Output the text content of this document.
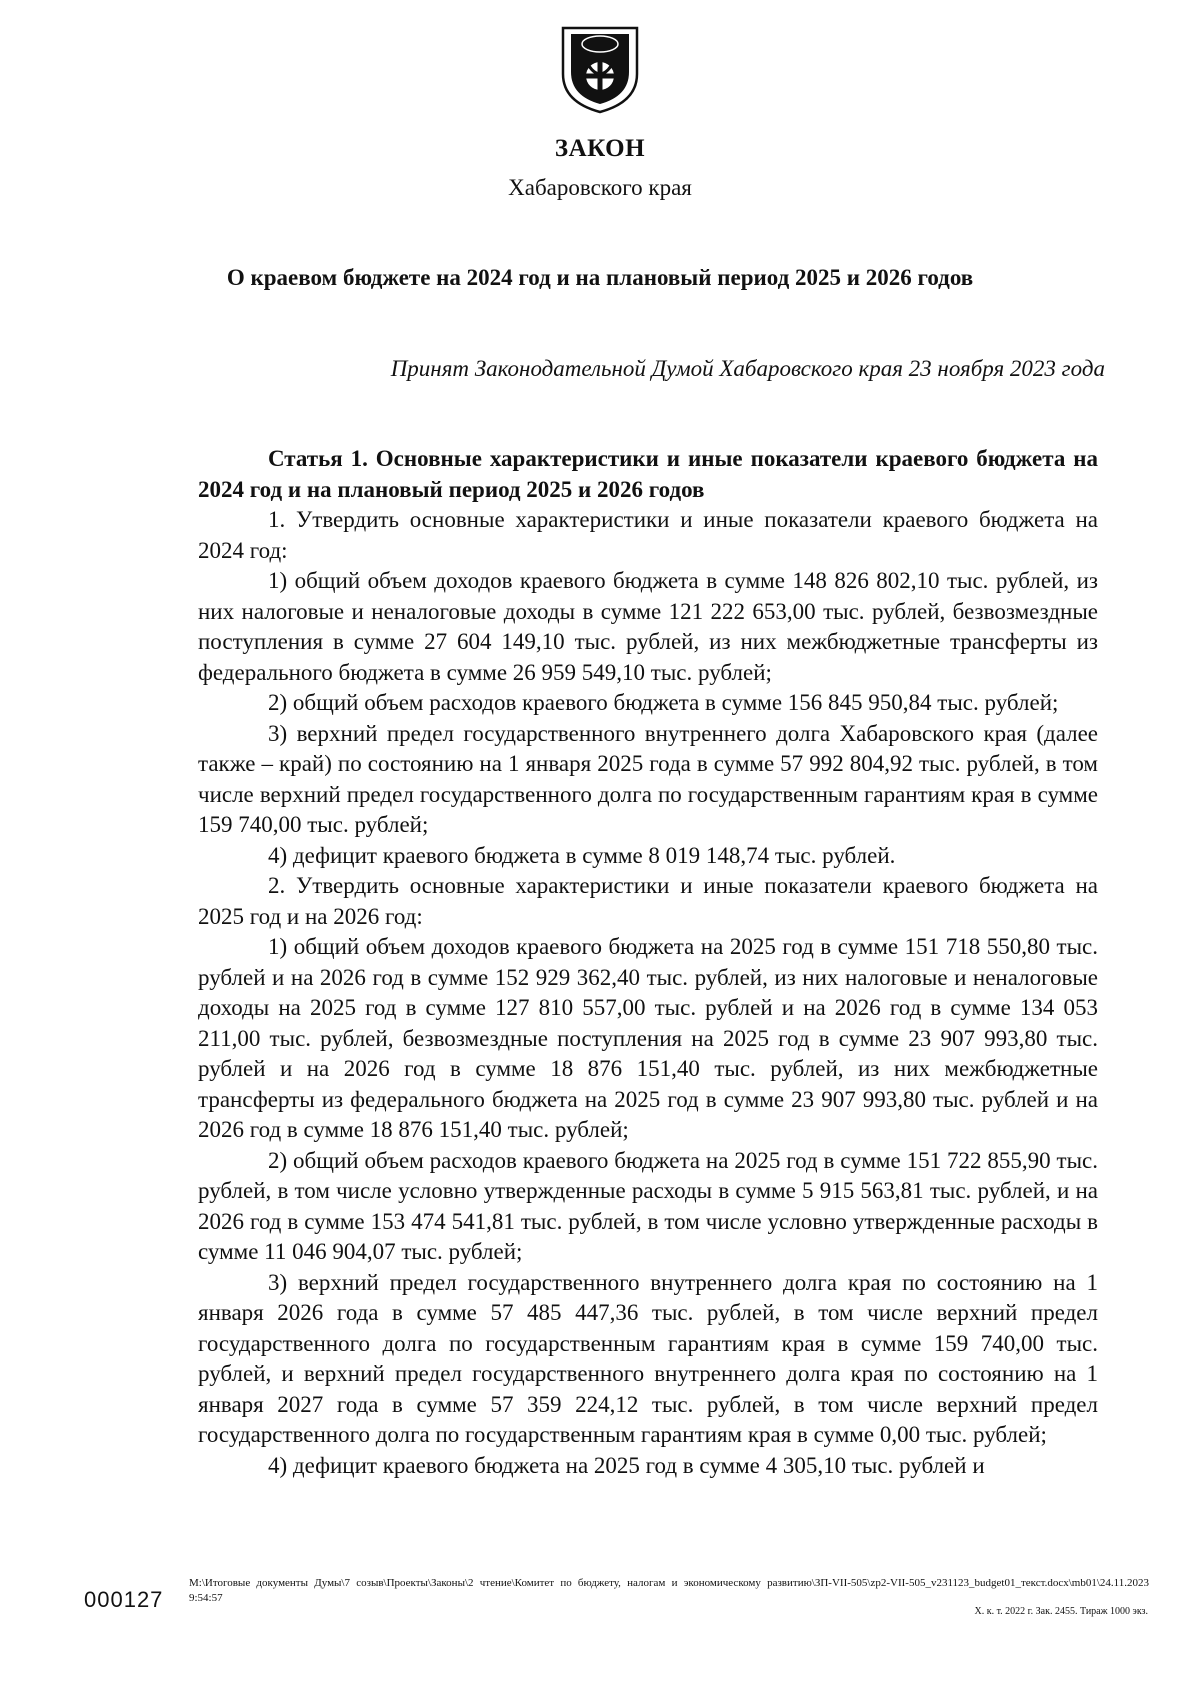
ЗАКОН
Хабаровского края
О краевом бюджете на 2024 год и на плановый период 2025 и 2026 годов
Принят Законодательной Думой Хабаровского края 23 ноября 2023 года

Статья 1. Основные характеристики и иные показатели краевого бюджета на 2024 год и на плановый период 2025 и 2026 годов

1. Утвердить основные характеристики и иные показатели краевого бюджета на 2024 год:

1) общий объем доходов краевого бюджета в сумме 148 826 802,10 тыс. рублей, из них налоговые и неналоговые доходы в сумме 121 222 653,00 тыс. рублей, безвозмездные поступления в сумме 27 604 149,10 тыс. рублей, из них межбюджетные трансферты из федерального бюджета в сумме 26 959 549,10 тыс. рублей;

2) общий объем расходов краевого бюджета в сумме 156 845 950,84 тыс. рублей;

3) верхний предел государственного внутреннего долга Хабаровского края (далее также – край) по состоянию на 1 января 2025 года в сумме 57 992 804,92 тыс. рублей, в том числе верхний предел государственного долга по государственным гарантиям края в сумме 159 740,00 тыс. рублей;

4) дефицит краевого бюджета в сумме 8 019 148,74 тыс. рублей.

2. Утвердить основные характеристики и иные показатели краевого бюджета на 2025 год и на 2026 год:

1) общий объем доходов краевого бюджета на 2025 год в сумме 151 718 550,80 тыс. рублей и на 2026 год в сумме 152 929 362,40 тыс. рублей, из них налоговые и неналоговые доходы на 2025 год в сумме 127 810 557,00 тыс. рублей и на 2026 год в сумме 134 053 211,00 тыс. рублей, безвозмездные поступления на 2025 год в сумме 23 907 993,80 тыс. рублей и на 2026 год в сумме 18 876 151,40 тыс. рублей, из них межбюджетные трансферты из федерального бюджета на 2025 год в сумме 23 907 993,80 тыс. рублей и на 2026 год в сумме 18 876 151,40 тыс. рублей;

2) общий объем расходов краевого бюджета на 2025 год в сумме 151 722 855,90 тыс. рублей, в том числе условно утвержденные расходы в сумме 5 915 563,81 тыс. рублей, и на 2026 год в сумме 153 474 541,81 тыс. рублей, в том числе условно утвержденные расходы в сумме 11 046 904,07 тыс. рублей;

3) верхний предел государственного внутреннего долга края по состоянию на 1 января 2026 года в сумме 57 485 447,36 тыс. рублей, в том числе верхний предел государственного долга по государственным гарантиям края в сумме 159 740,00 тыс. рублей, и верхний предел государственного внутреннего долга края по состоянию на 1 января 2027 года в сумме 57 359 224,12 тыс. рублей, в том числе верхний предел государственного долга по государственным гарантиям края в сумме 0,00 тыс. рублей;

4) дефицит краевого бюджета на 2025 год в сумме 4 305,10 тыс. рублей и

000127
M:\Итоговые документы Думы\7 созыв\Проекты\Законы\2 чтение\Комитет по бюджету, налогам и экономическому развитию\ЗП-VII-505\zp2-VII-505_v231123_budget01_текст.docx\mb01\24.11.2023 9:54:57
Х. к. т. 2022 г. Зак. 2455. Тираж 1000 экз.
